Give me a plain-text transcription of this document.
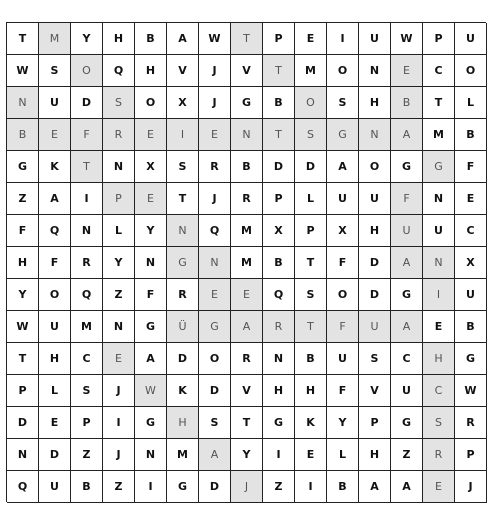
T	M	Y	H	B	A	W	T	P	E	I	U	W	P	U
W	S	O	Q	H	V	J	V	T	M	O	N	E	C	O
N	U	D	S	O	X	J	G	B	O	S	H	B	T	L
B	E	F	R	E	I	E	N	T	S	G	N	A	M	B
G	K	T	N	X	S	R	B	D	D	A	O	G	G	F
Z	A	I	P	E	T	J	R	P	L	U	U	F	N	E
F	Q	N	L	Y	N	Q	M	X	P	X	H	U	U	C
H	F	R	Y	N	G	N	M	B	T	F	D	A	N	X
Y	O	Q	Z	F	R	E	E	Q	S	O	D	G	I	U
W	U	M	N	G	Ü	G	A	R	T	F	U	A	E	B
T	H	C	E	A	D	O	R	N	B	U	S	C	H	G
P	L	S	J	W	K	D	V	H	H	F	V	U	C	W
D	E	P	I	G	H	S	T	G	K	Y	P	G	S	R
N	D	Z	J	N	M	A	Y	I	E	L	H	Z	R	P
Q	U	B	Z	I	G	D	J	Z	I	B	A	A	E	J
